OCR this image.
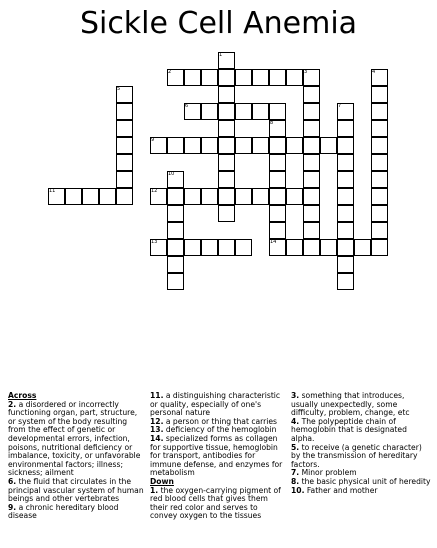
Sickle Cell Anemia
1
2	3	4
5
6	7
8
9
10
11	12
13	14

Across

2. a disordered or incorrectly functioning organ, part, structure, or system of the body resulting from the effect of genetic or developmental errors, infection, poisons, nutritional deficiency or imbalance, toxicity, or unfavorable environmental factors; illness; sickness; ailment

6. the fluid that circulates in the principal vascular system of human beings and other vertebrates

9. a chronic hereditary blood disease

11. a distinguishing characteristic or quality, especially of one's personal nature

12. a person or thing that carries

13. deficiency of the hemoglobin

14. specialized forms as collagen for supportive tissue, hemoglobin for transport, antibodies for immune defense, and enzymes for metabolism

Down

1. the oxygen-carrying pigment of red blood cells that gives them their red color and serves to convey oxygen to the tissues

3. something that introduces, usually unexpectedly, some difficulty, problem, change, etc

4. The polypeptide chain of hemoglobin that is designated alpha.

5. to receive (a genetic character) by the transmission of hereditary factors.

7. Minor problem

8. the basic physical unit of heredity

10. Father and mother
